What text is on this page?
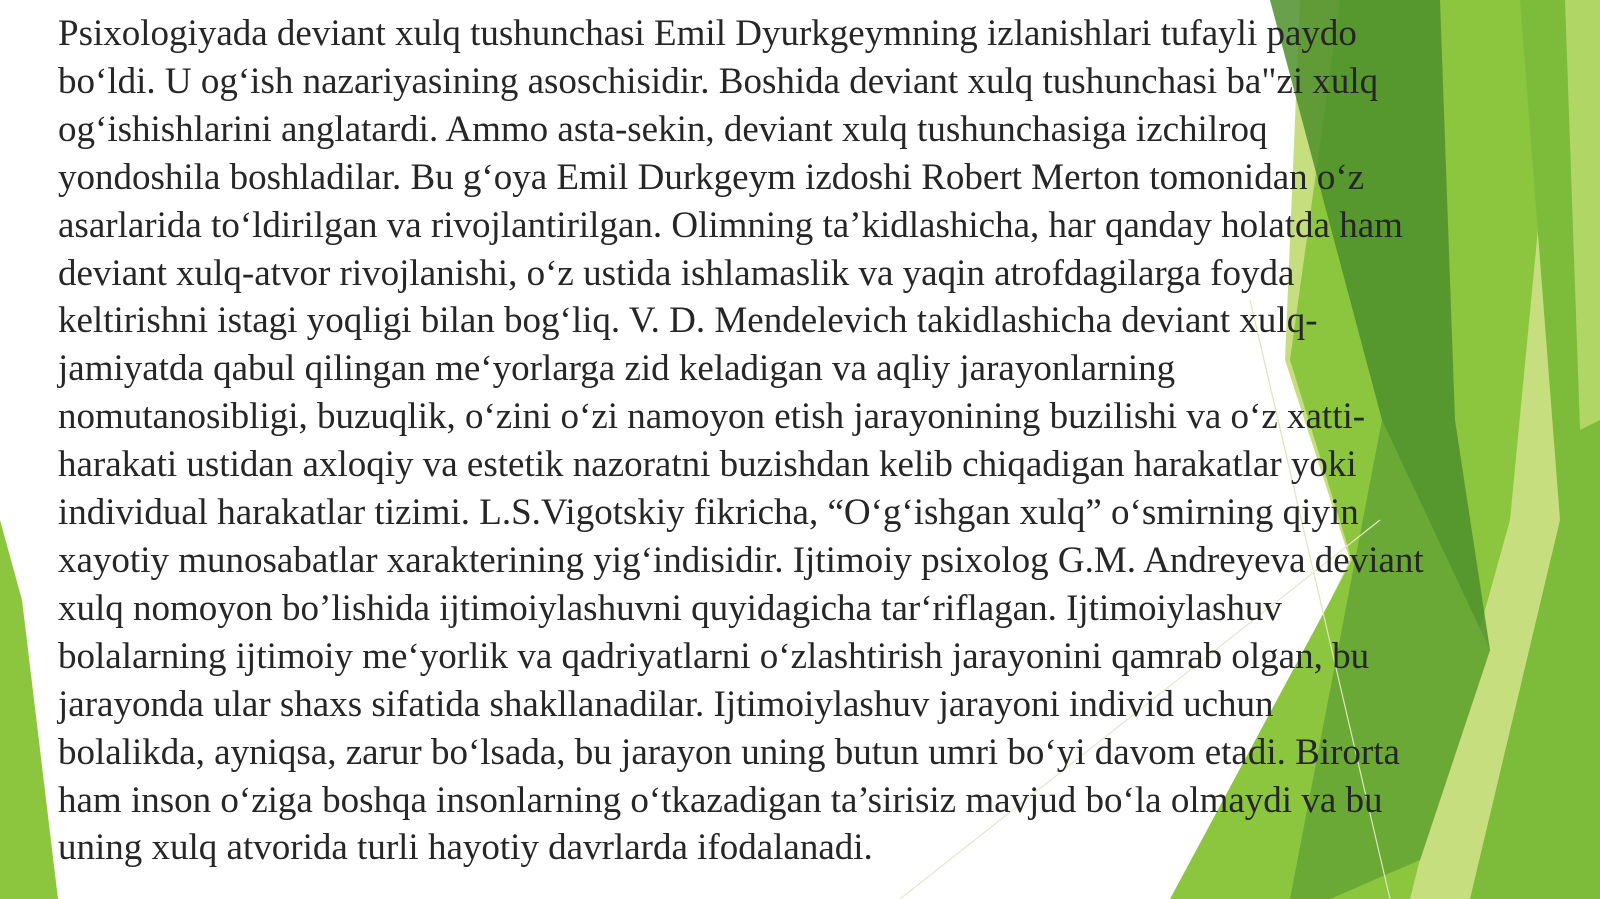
Psixologiyada deviant xulq tushunchasi Emil Dyurkgeymning izlanishlari tufayli paydo
bo‘ldi. U og‘ish nazariyasining asoschisidir. Boshida deviant xulq tushunchasi ba"zi xulq
og‘ishishlarini anglatardi. Ammo asta-sekin, deviant xulq tushunchasiga izchilroq
yondoshila boshladilar. Bu g‘oya Emil Durkgeym izdoshi Robert Merton tomonidan o‘z
asarlarida to‘ldirilgan va rivojlantirilgan. Olimning ta’kidlashicha, har qanday holatda ham
deviant xulq-atvor rivojlanishi, o‘z ustida ishlamaslik va yaqin atrofdagilarga foyda
keltirishni istagi yoqligi bilan bog‘liq. V. D. Mendelevich takidlashicha deviant xulq-
jamiyatda qabul qilingan me‘yorlarga zid keladigan va aqliy jarayonlarning
nomutanosibligi, buzuqlik, o‘zini o‘zi namoyon etish jarayonining buzilishi va o‘z xatti-
harakati ustidan axloqiy va estetik nazoratni buzishdan kelib chiqadigan harakatlar yoki
individual harakatlar tizimi. L.S.Vigotskiy fikricha, “O‘g‘ishgan xulq” o‘smirning qiyin
xayotiy munosabatlar xarakterining yig‘indisidir. Ijtimoiy psixolog G.M. Andreyeva deviant
xulq nomoyon bo’lishida ijtimoiylashuvni quyidagicha tar‘riflagan. Ijtimoiylashuv
bolalarning ijtimoiy me‘yorlik va qadriyatlarni o‘zlashtirish jarayonini qamrab olgan, bu
jarayonda ular shaxs sifatida shakllanadilar. Ijtimoiylashuv jarayoni individ uchun
bolalikda, ayniqsa, zarur bo‘lsada, bu jarayon uning butun umri bo‘yi davom etadi. Birorta
ham inson o‘ziga boshqa insonlarning o‘tkazadigan ta’sirisiz mavjud bo‘la olmaydi va bu
uning xulq atvorida turli hayotiy davrlarda ifodalanadi.
